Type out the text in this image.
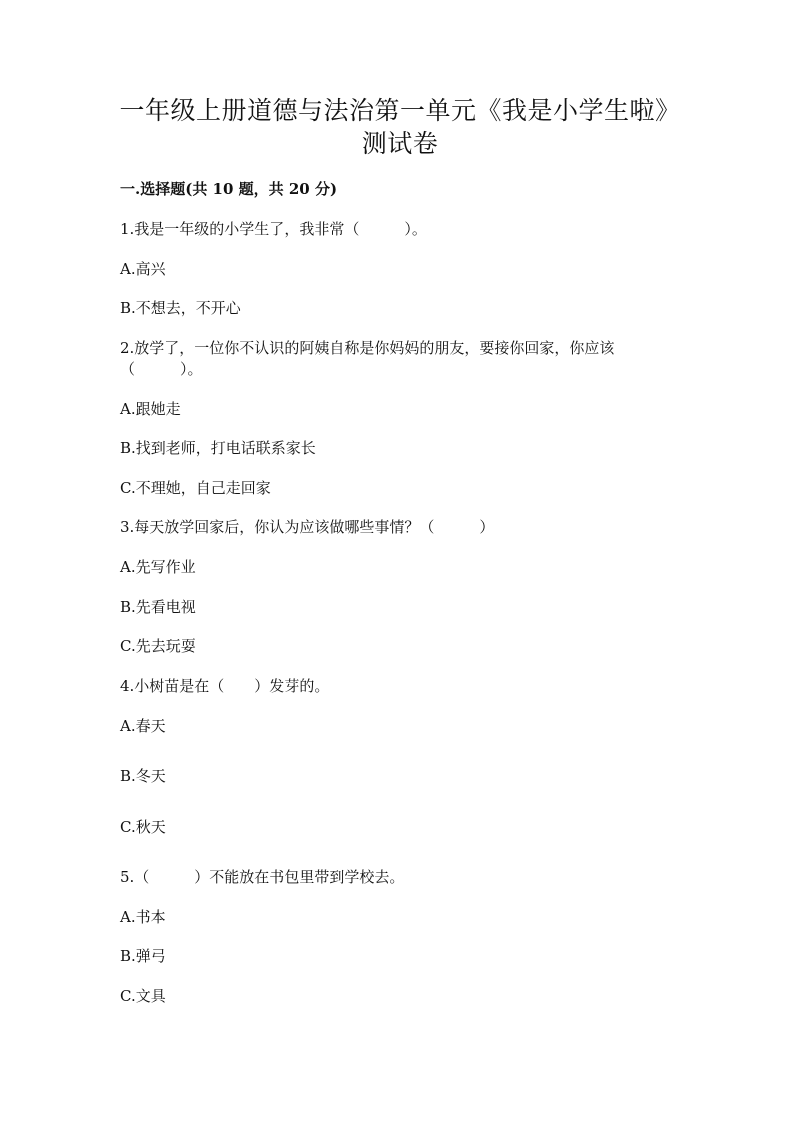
一年级上册道德与法治第一单元《我是小学生啦》
测试卷

一.选择题(共 10 题，共 20 分)

1.我是一年级的小学生了，我非常（　　　）。

A.高兴

B.不想去，不开心

2.放学了，一位你不认识的阿姨自称是你妈妈的朋友，要接你回家，你应该

（　　　）。

A.跟她走

B.找到老师，打电话联系家长

C.不理她，自己走回家

3.每天放学回家后，你认为应该做哪些事情？（　　　）

A.先写作业

B.先看电视

C.先去玩耍

4.小树苗是在（　　）发芽的。

A.春天

B.冬天

C.秋天

5.（　　　）不能放在书包里带到学校去。

A.书本

B.弹弓

C.文具
